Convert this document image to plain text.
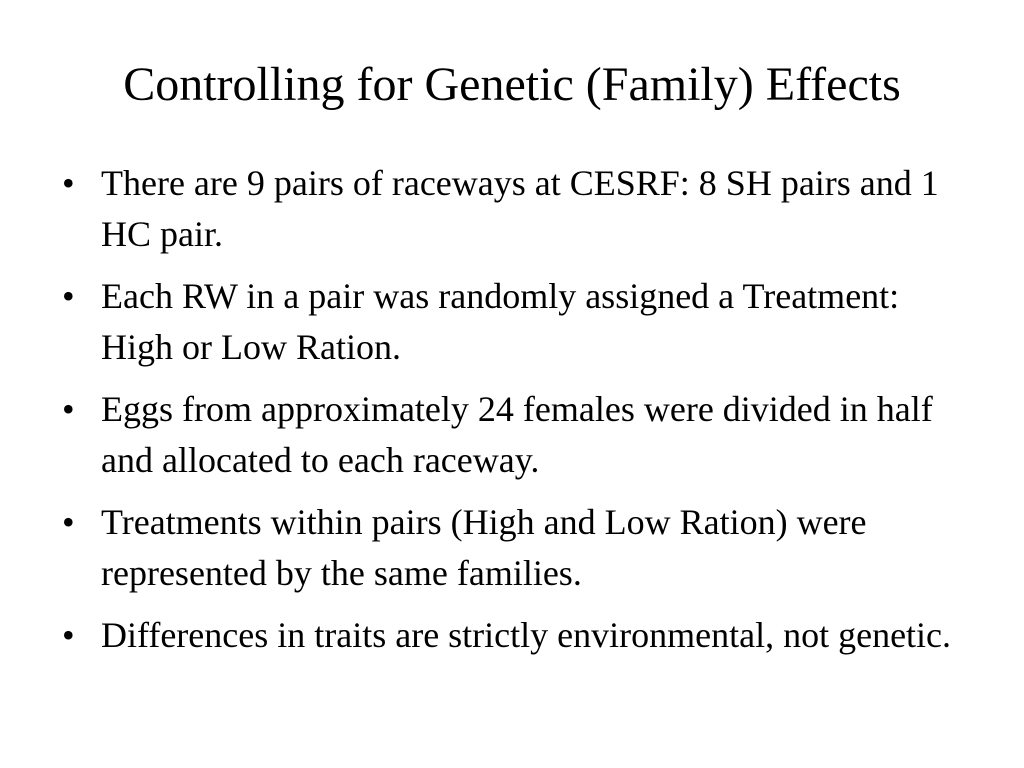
Controlling for Genetic (Family) Effects
• There are 9 pairs of raceways at CESRF: 8 SH pairs and 1 HC pair.
• Each RW in a pair was randomly assigned a Treatment: High or Low Ration.
• Eggs from approximately 24 females were divided in half and allocated to each raceway.
• Treatments within pairs (High and Low Ration) were represented by the same families.
• Differences in traits are strictly environmental, not genetic.
